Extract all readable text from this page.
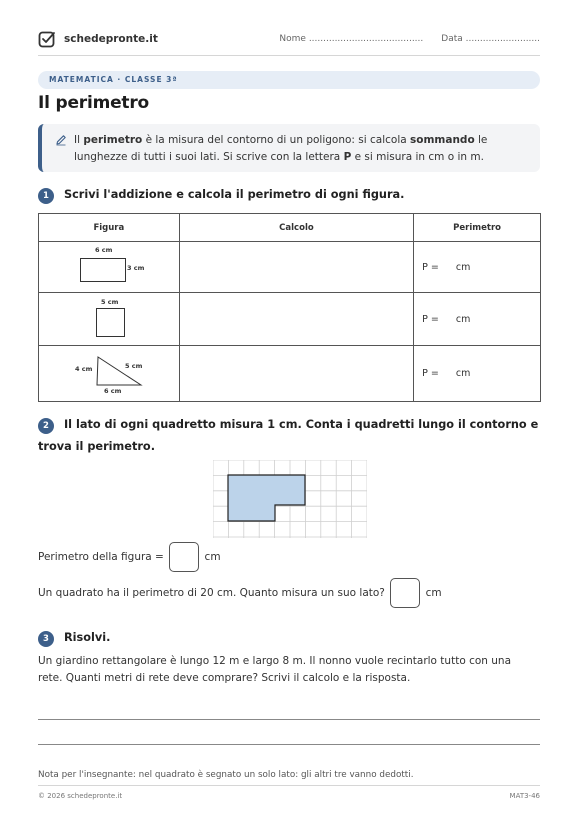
schedepronte.it	Nome ........................................ Data ..........................
MATEMATICA · CLASSE 3ª
Il perimetro
Il perimetro è la misura del contorno di un poligono: si calcola sommando le lunghezze di tutti i suoi lati. Si scrive con la lettera P e si misura in cm o in m.
1 Scrivi l'addizione e calcola il perimetro di ogni figura.
Figura	Calcolo	Perimetro

6 cm
3 cm		P = cm

5 cm		P = cm

4 cm 5 cm
6 cm		P = cm
2 Il lato di ogni quadretto misura 1 cm. Conta i quadretti lungo il contorno e trova il perimetro.
Perimetro della figura =	cm
Un quadrato ha il perimetro di 20 cm. Quanto misura un suo lato?	cm
3 Risolvi.
Un giardino rettangolare è lungo 12 m e largo 8 m. Il nonno vuole recintarlo tutto con una rete. Quanti metri di rete deve comprare? Scrivi il calcolo e la risposta.
Nota per l'insegnante: nel quadrato è segnato un solo lato: gli altri tre vanno dedotti.
© 2026 schedepronte.it	MAT3-46
